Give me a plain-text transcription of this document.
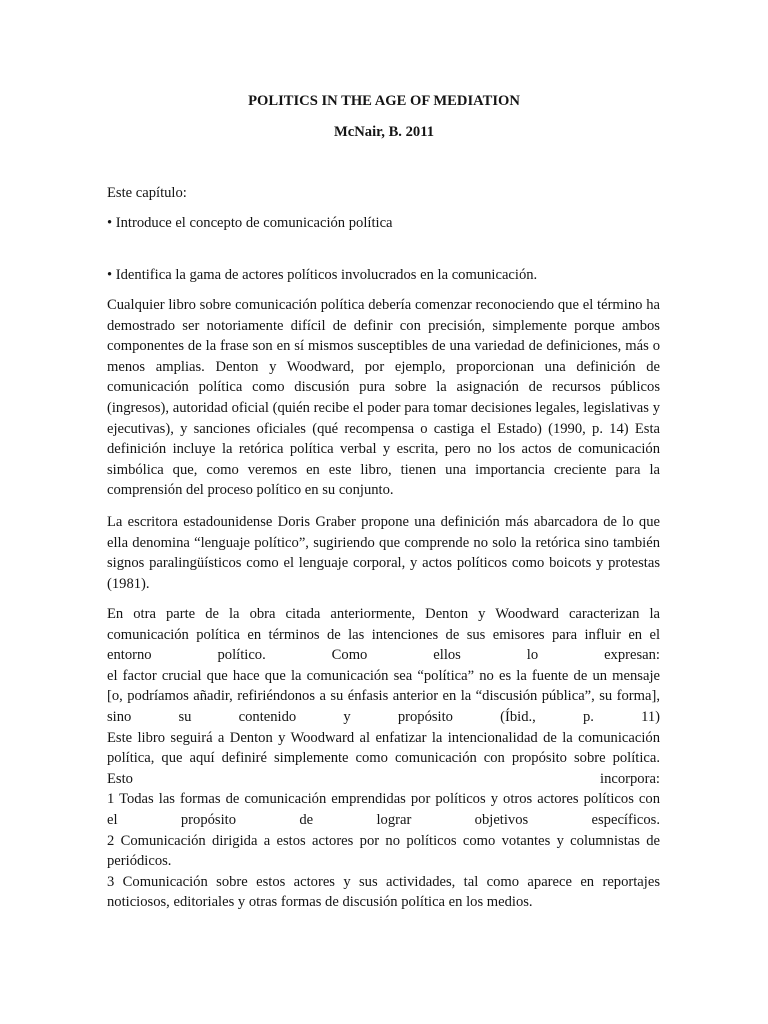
POLITICS IN THE AGE OF MEDIATION
McNair, B. 2011

Este capítulo:

• Introduce el concepto de comunicación política

• Identifica la gama de actores políticos involucrados en la comunicación.

Cualquier libro sobre comunicación política debería comenzar reconociendo que el término ha demostrado ser notoriamente difícil de definir con precisión, simplemente porque ambos componentes de la frase son en sí mismos susceptibles de una variedad de definiciones, más o menos amplias. Denton y Woodward, por ejemplo, proporcionan una definición de comunicación política como discusión pura sobre la asignación de recursos públicos (ingresos), autoridad oficial (quién recibe el poder para tomar decisiones legales, legislativas y ejecutivas), y sanciones oficiales (qué recompensa o castiga el Estado) (1990, p. 14) Esta definición incluye la retórica política verbal y escrita, pero no los actos de comunicación simbólica que, como veremos en este libro, tienen una importancia creciente para la comprensión del proceso político en su conjunto.

La escritora estadounidense Doris Graber propone una definición más abarcadora de lo que ella denomina “lenguaje político”, sugiriendo que comprende no solo la retórica sino también signos paralingüísticos como el lenguaje corporal, y actos políticos como boicots y protestas (1981).

En otra parte de la obra citada anteriormente, Denton y Woodward caracterizan la
comunicación política en términos de las intenciones de sus emisores para influir en el
entorno político. Como ellos lo expresan:
el factor crucial que hace que la comunicación sea “política” no es la fuente de un mensaje
[o, podríamos añadir, refiriéndonos a su énfasis anterior en la “discusión pública”, su forma],
sino su contenido y propósito (Íbid., p. 11)
Este libro seguirá a Denton y Woodward al enfatizar la intencionalidad de la comunicación
política, que aquí definiré simplemente como comunicación con propósito sobre política.
Esto incorpora:
1 Todas las formas de comunicación emprendidas por políticos y otros actores políticos con
el propósito de lograr objetivos específicos.
2 Comunicación dirigida a estos actores por no políticos como votantes y columnistas de
periódicos.
3 Comunicación sobre estos actores y sus actividades, tal como aparece en reportajes
noticiosos, editoriales y otras formas de discusión política en los medios.
